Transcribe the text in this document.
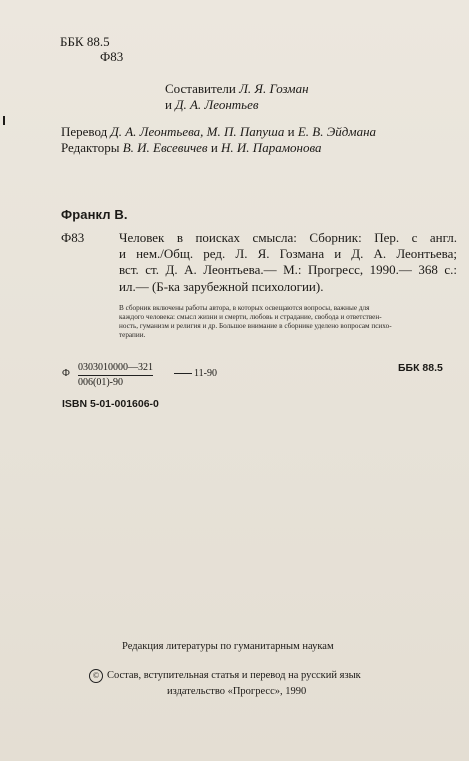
ББК 88.5
Ф83
Составители Л. Я. Гозман
и Д. А. Леонтьев
Перевод Д. А. Леонтьева, М. П. Папуша и Е. В. Эйдмана
Редакторы В. И. Евсевичев и Н. И. Парамонова
Франкл В.
Ф83	Человек в поисках смысла: Сборник: Пер. с англ.
и нем./Общ. ред. Л. Я. Гозмана и Д. А. Леонтьева;
вст. ст. Д. А. Леонтьева.— М.: Прогресс, 1990.— 368 с.:
ил.— (Б-ка зарубежной психологии).
В сборник включены работы автора, в которых освещаются вопросы, важные для
каждого человека: смысл жизни и смерти, любовь и страдание, свобода и ответствен-
ность, гуманизм и религия и др. Большое внимание в сборнике уделено вопросам психо-
терапии.
Ф $\frac{0303010000—321}{006(01)-90}$	11-90	ББК 88.5
ISBN 5-01-001606-0
Редакция литературы по гуманитарным наукам
© Состав, вступительная статья и перевод на русский язык
издательство «Прогресс», 1990
